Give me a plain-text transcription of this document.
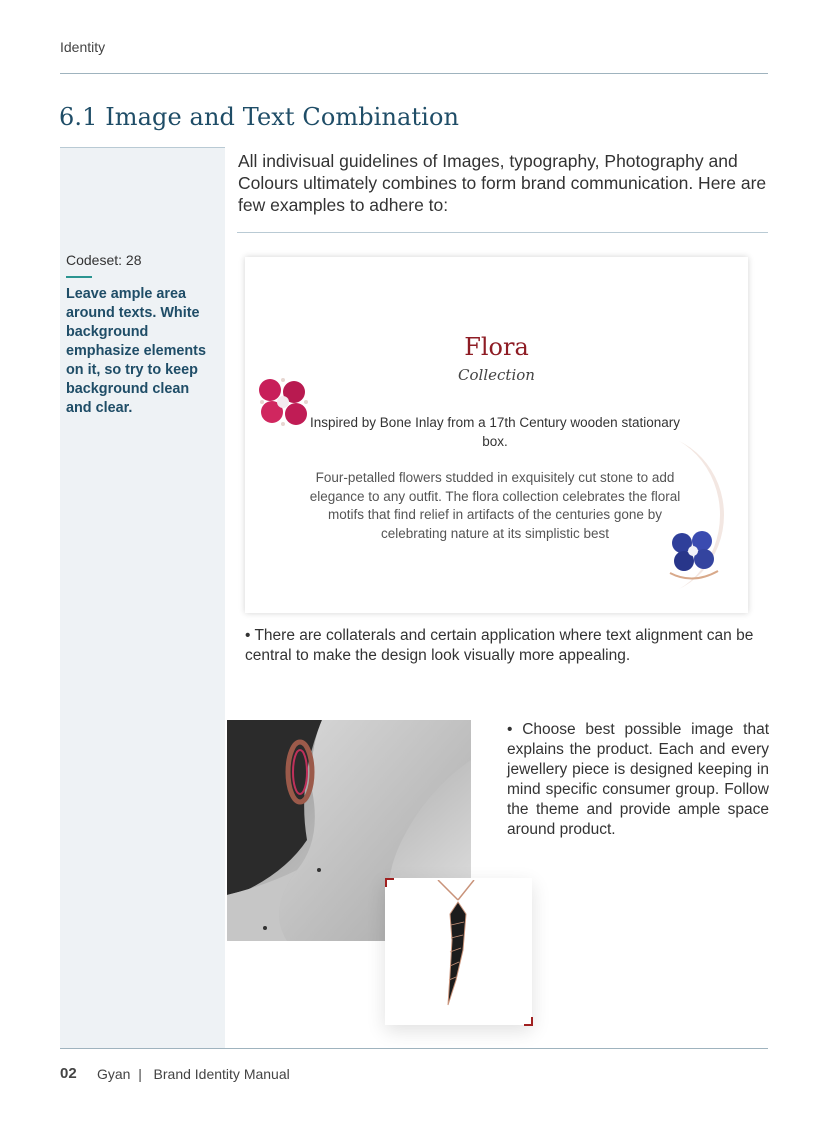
Identity
6.1 Image and Text Combination
Codeset: 28
Leave ample area around texts. White background emphasize elements on it, so try to keep background clean and clear.
All indivisual guidelines of Images, typography, Photography and Colours ultimately combines to form brand communication. Here are few examples to adhere to:
Flora
Collection
Inspired by Bone Inlay from a 17th Century wooden stationary box.
Four-petalled flowers studded in exquisitely cut stone to add elegance to any outfit. The flora collection celebrates the floral motifs that find relief in artifacts of the centuries gone by celebrating nature at its simplistic best
• There are collaterals and certain application where text alignment can be central to make the design look visually more appealing.
• Choose best possible image that explains the product. Each and every jewellery piece is designed keeping in mind specific consumer group. Follow the theme and provide ample space around product.
02 Gyan  |   Brand Identity Manual
